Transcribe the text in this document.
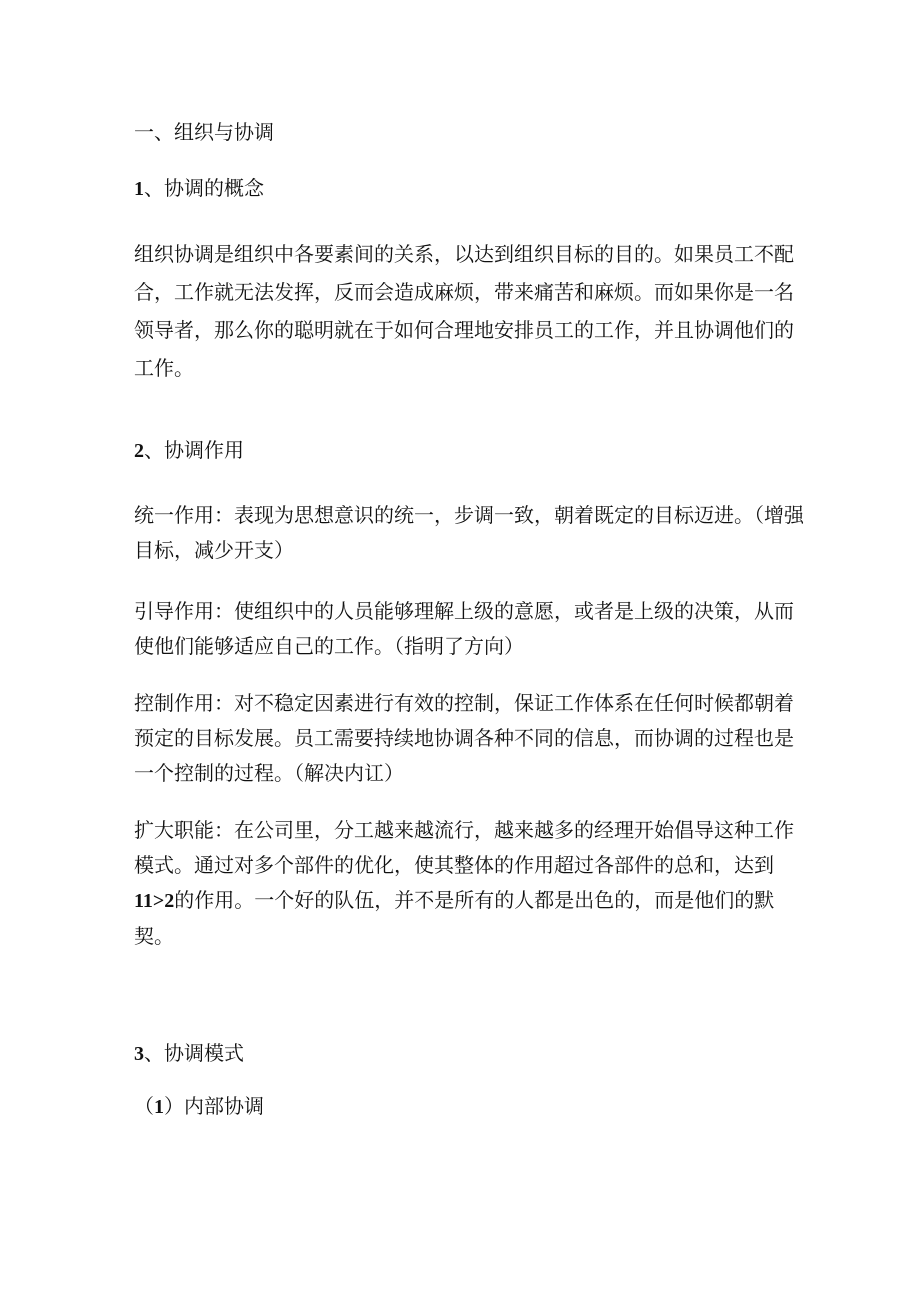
一、组织与协调

1、协调的概念

组织协调是组织中各要素间的关系，以达到组织目标的目的。如果员工不配合，工作就无法发挥，反而会造成麻烦，带来痛苦和麻烦。而如果你是一名领导者，那么你的聪明就在于如何合理地安排员工的工作，并且协调他们的工作。

2、协调作用

统一作用：表现为思想意识的统一，步调一致，朝着既定的目标迈进。（增强目标，减少开支）

引导作用：使组织中的人员能够理解上级的意愿，或者是上级的决策，从而使他们能够适应自己的工作。（指明了方向）

控制作用：对不稳定因素进行有效的控制，保证工作体系在任何时候都朝着预定的目标发展。员工需要持续地协调各种不同的信息，而协调的过程也是一个控制的过程。（解决内讧）

扩大职能：在公司里，分工越来越流行，越来越多的经理开始倡导这种工作模式。通过对多个部件的优化，使其整体的作用超过各部件的总和，达到11>2的作用。一个好的队伍，并不是所有的人都是出色的，而是他们的默契。

3、协调模式

（1）内部协调
